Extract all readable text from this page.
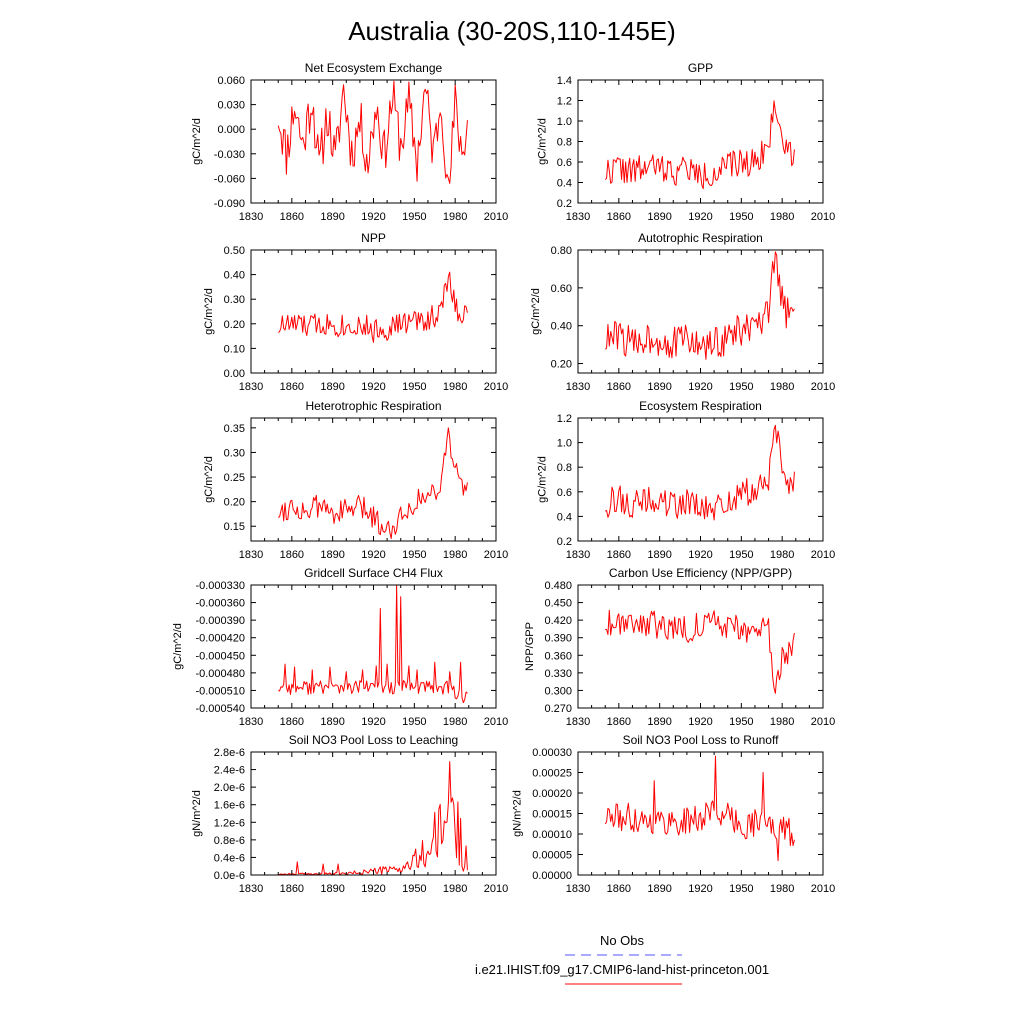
Australia (30-20S,110-145E)
Net Ecosystem Exchange
1830 1860 1890 1920 1950 1980 2010
-0.090
-0.060
-0.030
0.000
0.030
0.060
gC/m^2/d
GPP
1830 1860 1890 1920 1950 1980 2010
0.2
0.4
0.6
0.8
1.0
1.2
1.4
gC/m^2/d
NPP
1830 1860 1890 1920 1950 1980 2010
0.00
0.10
0.20
0.30
0.40
0.50
gC/m^2/d
Autotrophic Respiration
1830 1860 1890 1920 1950 1980 2010
0.20
0.40
0.60
0.80
gC/m^2/d
Heterotrophic Respiration
1830 1860 1890 1920 1950 1980 2010
0.15
0.20
0.25
0.30
0.35
gC/m^2/d
Ecosystem Respiration
1830 1860 1890 1920 1950 1980 2010
0.2
0.4
0.6
0.8
1.0
1.2
gC/m^2/d
Gridcell Surface CH4 Flux
1830 1860 1890 1920 1950 1980 2010
-0.000540
-0.000510
-0.000480
-0.000450
-0.000420
-0.000390
-0.000360
-0.000330
gC/m^2/d
Carbon Use Efficiency (NPP/GPP)
1830 1860 1890 1920 1950 1980 2010
0.270
0.300
0.330
0.360
0.390
0.420
0.450
0.480
NPP/GPP
Soil NO3 Pool Loss to Leaching
1830 1860 1890 1920 1950 1980 2010
0.0e-6
0.4e-6
0.8e-6
1.2e-6
1.6e-6
2.0e-6
2.4e-6
2.8e-6
gN/m^2/d
Soil NO3 Pool Loss to Runoff
1830 1860 1890 1920 1950 1980 2010
0.00000
0.00005
0.00010
0.00015
0.00020
0.00025
0.00030
gN/m^2/d
No Obs
i.e21.IHIST.f09_g17.CMIP6-land-hist-princeton.001
